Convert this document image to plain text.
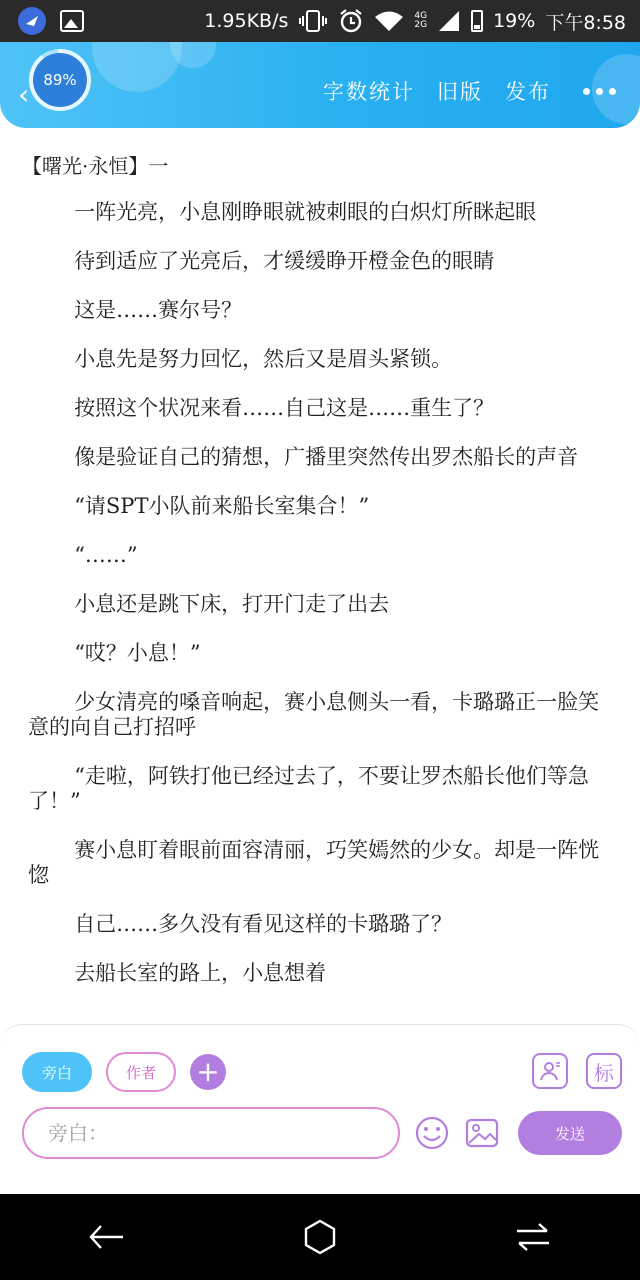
1.95KB/s	4G
2G	19% 下午8:58
‹ 89%	字数统计 旧版 发布
【曙光·永恒】一
一阵光亮，小息刚睁眼就被刺眼的白炽灯所眯起眼
待到适应了光亮后，才缓缓睁开橙金色的眼睛
这是……赛尔号？
小息先是努力回忆，然后又是眉头紧锁。
按照这个状况来看……自己这是……重生了？
像是验证自己的猜想，广播里突然传出罗杰船长的声音
“请SPT小队前来船长室集合！”
“……”
小息还是跳下床，打开门走了出去
“哎？小息！”
少女清亮的嗓音响起，赛小息侧头一看，卡璐璐正一脸笑意的向自己打招呼
“走啦，阿铁打他已经过去了，不要让罗杰船长他们等急了！”
赛小息盯着眼前面容清丽，巧笑嫣然的少女。却是一阵恍惚
自己……多久没有看见这样的卡璐璐了？
去船长室的路上，小息想着
旁白	作者	+	标
旁白：
发送
